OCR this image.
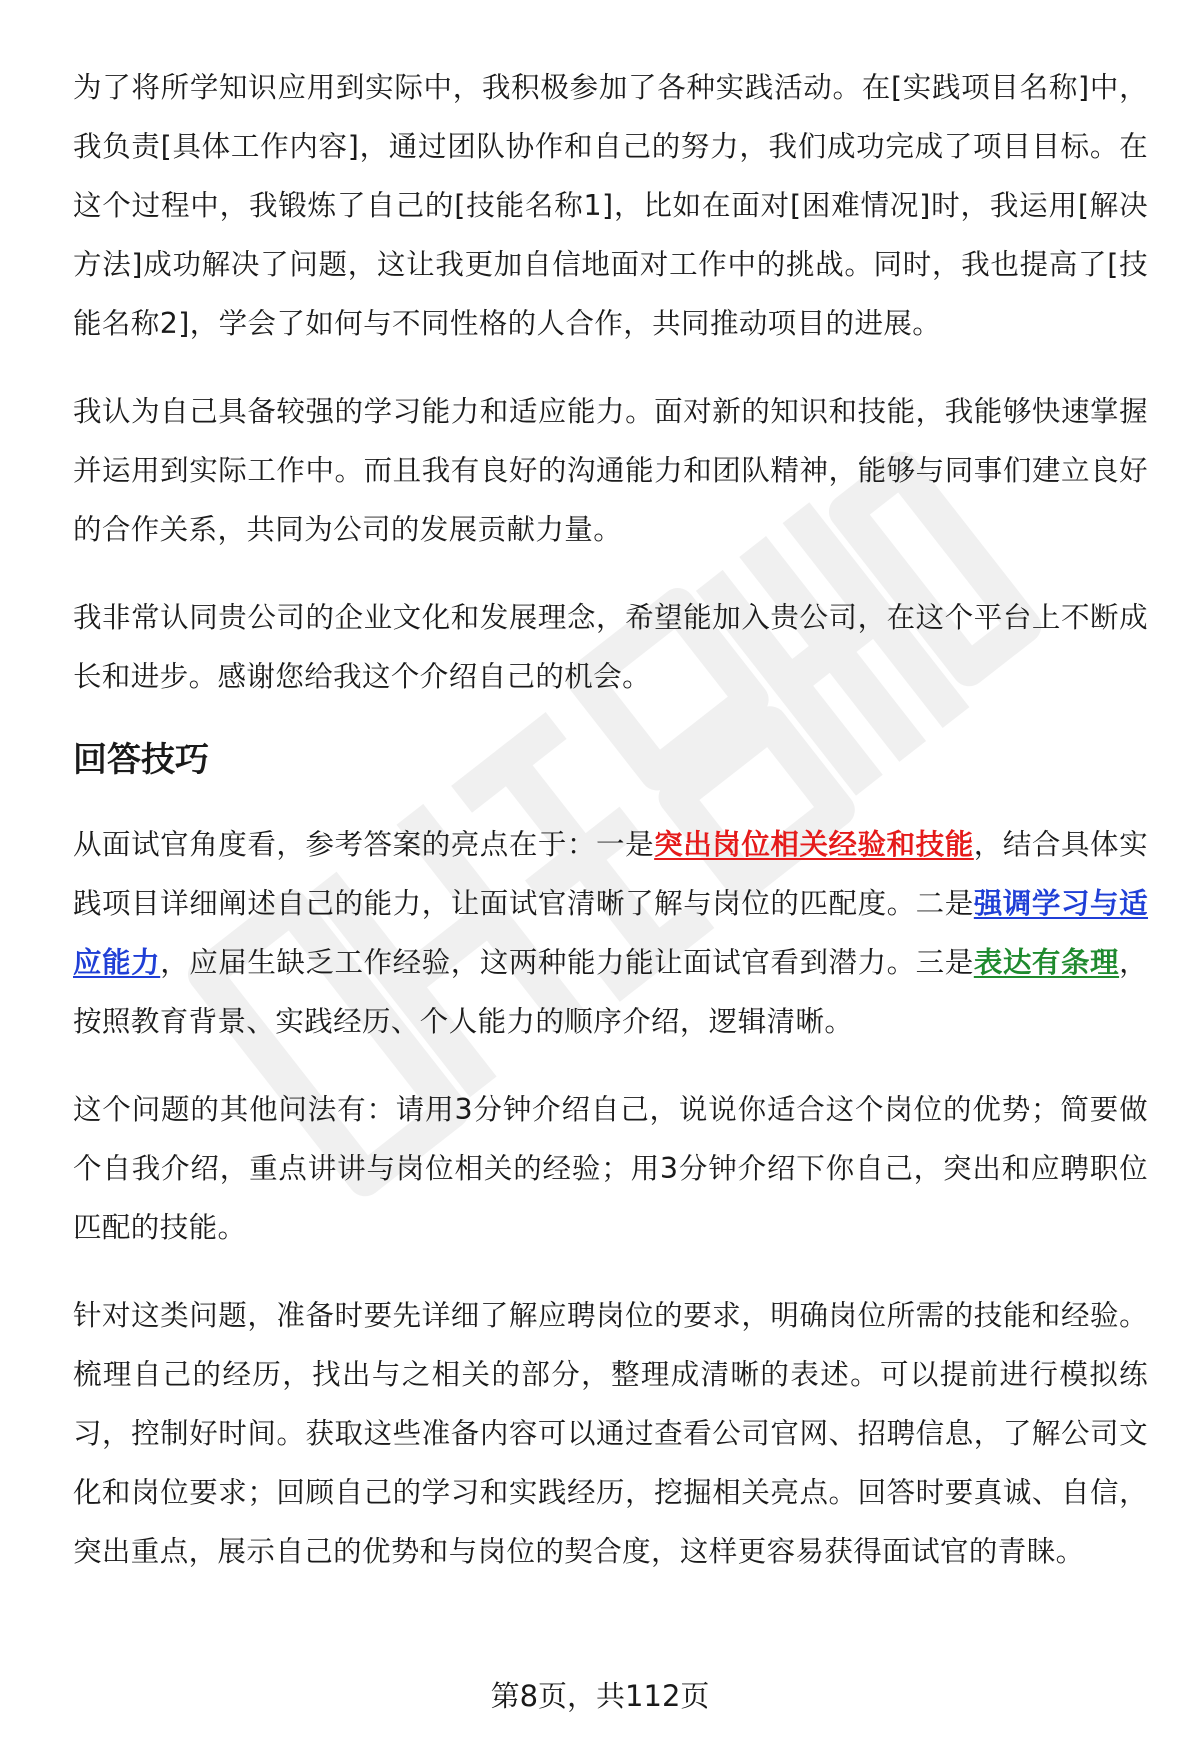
为了将所学知识应用到实际中，我积极参加了各种实践活动。在[实践项目名称]中，我负责[具体工作内容]，通过团队协作和自己的努力，我们成功完成了项目目标。在这个过程中，我锻炼了自己的[技能名称1]，比如在面对[困难情况]时，我运用[解决方法]成功解决了问题，这让我更加自信地面对工作中的挑战。同时，我也提高了[技能名称2]，学会了如何与不同性格的人合作，共同推动项目的进展。

我认为自己具备较强的学习能力和适应能力。面对新的知识和技能，我能够快速掌握并运用到实际工作中。而且我有良好的沟通能力和团队精神，能够与同事们建立良好的合作关系，共同为公司的发展贡献力量。

我非常认同贵公司的企业文化和发展理念，希望能加入贵公司，在这个平台上不断成长和进步。感谢您给我这个介绍自己的机会。

回答技巧

从面试官角度看，参考答案的亮点在于：一是突出岗位相关经验和技能，结合具体实践项目详细阐述自己的能力，让面试官清晰了解与岗位的匹配度。二是强调学习与适应能力，应届生缺乏工作经验，这两种能力能让面试官看到潜力。三是表达有条理，按照教育背景、实践经历、个人能力的顺序介绍，逻辑清晰。

这个问题的其他问法有：请用3分钟介绍自己，说说你适合这个岗位的优势；简要做个自我介绍，重点讲讲与岗位相关的经验；用3分钟介绍下你自己，突出和应聘职位匹配的技能。

针对这类问题，准备时要先详细了解应聘岗位的要求，明确岗位所需的技能和经验。梳理自己的经历，找出与之相关的部分，整理成清晰的表述。可以提前进行模拟练习，控制好时间。获取这些准备内容可以通过查看公司官网、招聘信息，了解公司文化和岗位要求；回顾自己的学习和实践经历，挖掘相关亮点。回答时要真诚、自信，突出重点，展示自己的优势和与岗位的契合度，这样更容易获得面试官的青睐。

第8页，共112页
